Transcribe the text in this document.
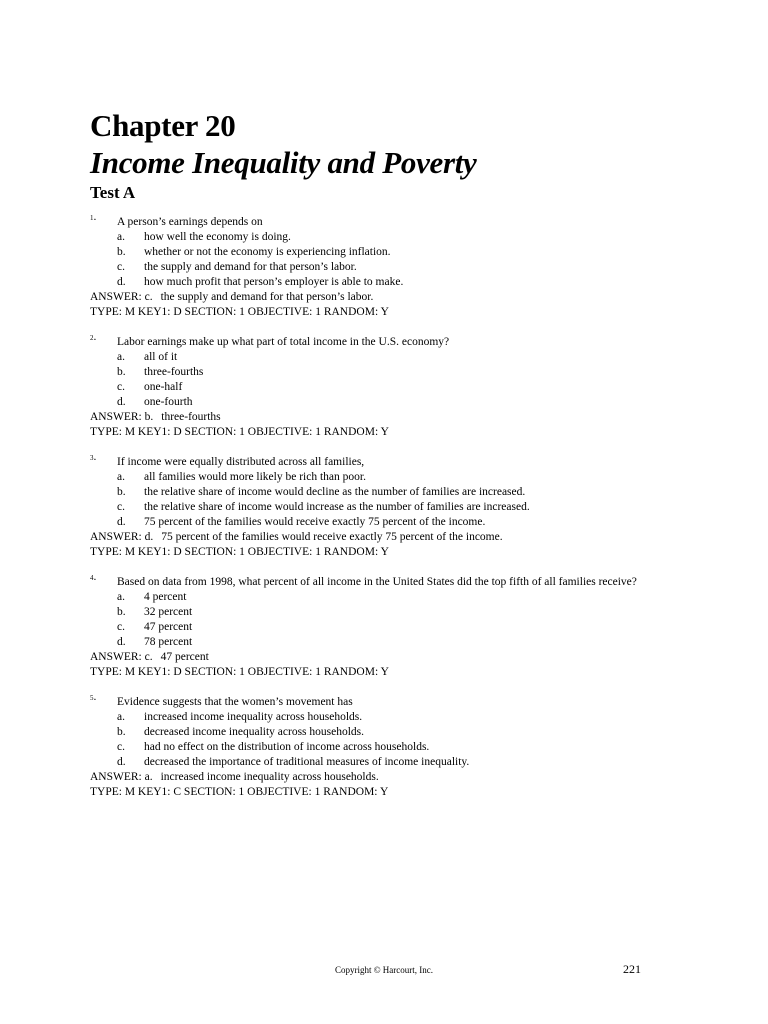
Chapter 20
Income Inequality and Poverty
Test A
1. A person’s earnings depends on
a. how well the economy is doing.
b. whether or not the economy is experiencing inflation.
c. the supply and demand for that person’s labor.
d. how much profit that person’s employer is able to make.
ANSWER: c. the supply and demand for that person’s labor.
TYPE: M KEY1: D SECTION: 1 OBJECTIVE: 1 RANDOM: Y
2. Labor earnings make up what part of total income in the U.S. economy?
a. all of it
b. three-fourths
c. one-half
d. one-fourth
ANSWER: b. three-fourths
TYPE: M KEY1: D SECTION: 1 OBJECTIVE: 1 RANDOM: Y
3. If income were equally distributed across all families,
a. all families would more likely be rich than poor.
b. the relative share of income would decline as the number of families are increased.
c. the relative share of income would increase as the number of families are increased.
d. 75 percent of the families would receive exactly 75 percent of the income.
ANSWER: d. 75 percent of the families would receive exactly 75 percent of the income.
TYPE: M KEY1: D SECTION: 1 OBJECTIVE: 1 RANDOM: Y
4. Based on data from 1998, what percent of all income in the United States did the top fifth of all families receive?
a. 4 percent
b. 32 percent
c. 47 percent
d. 78 percent
ANSWER: c. 47 percent
TYPE: M KEY1: D SECTION: 1 OBJECTIVE: 1 RANDOM: Y
5. Evidence suggests that the women’s movement has
a. increased income inequality across households.
b. decreased income inequality across households.
c. had no effect on the distribution of income across households.
d. decreased the importance of traditional measures of income inequality.
ANSWER: a. increased income inequality across households.
TYPE: M KEY1: C SECTION: 1 OBJECTIVE: 1 RANDOM: Y
Copyright © Harcourt, Inc.	221
